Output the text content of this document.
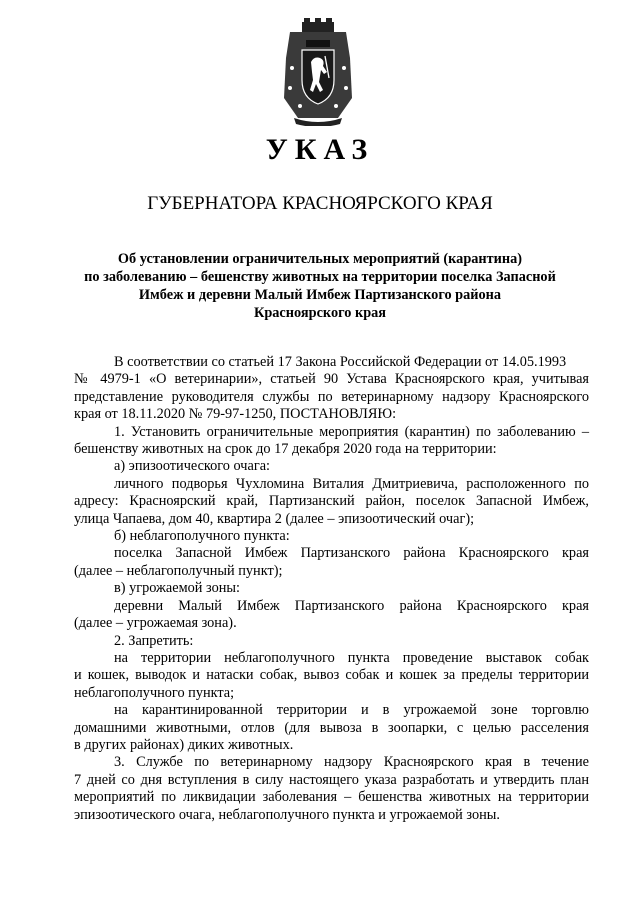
УКАЗ
ГУБЕРНАТОРА КРАСНОЯРСКОГО КРАЯ
Об установлении ограничительных мероприятий (карантина)
по заболеванию – бешенству животных на территории поселка Запасной
Имбеж и деревни Малый Имбеж Партизанского района
Красноярского края
В соответствии со статьей 17 Закона Российской Федерации от 14.05.1993
№ 4979-1 «О ветеринарии», статьей 90 Устава Красноярского края, учитывая
представление руководителя службы по ветеринарному надзору Красноярского
края от 18.11.2020 № 79-97-1250, ПОСТАНОВЛЯЮ:
1. Установить ограничительные мероприятия (карантин) по заболеванию –
бешенству животных на срок до 17 декабря 2020 года на территории:
а) эпизоотического очага:
личного подворья Чухломина Виталия Дмитриевича, расположенного по
адресу: Красноярский край, Партизанский район, поселок Запасной Имбеж,
улица Чапаева, дом 40, квартира 2 (далее – эпизоотический очаг);
б) неблагополучного пункта:
поселка Запасной Имбеж Партизанского района Красноярского края
(далее – неблагополучный пункт);
в) угрожаемой зоны:
деревни Малый Имбеж Партизанского района Красноярского края
(далее – угрожаемая зона).
2. Запретить:
на территории неблагополучного пункта проведение выставок собак
и кошек, выводок и натаски собак, вывоз собак и кошек за пределы территории
неблагополучного пункта;
на карантинированной территории и в угрожаемой зоне торговлю
домашними животными, отлов (для вывоза в зоопарки, с целью расселения
в других районах) диких животных.
3. Службе по ветеринарному надзору Красноярского края в течение
7 дней со дня вступления в силу настоящего указа разработать и утвердить план
мероприятий по ликвидации заболевания – бешенства животных на территории
эпизоотического очага, неблагополучного пункта и угрожаемой зоны.
